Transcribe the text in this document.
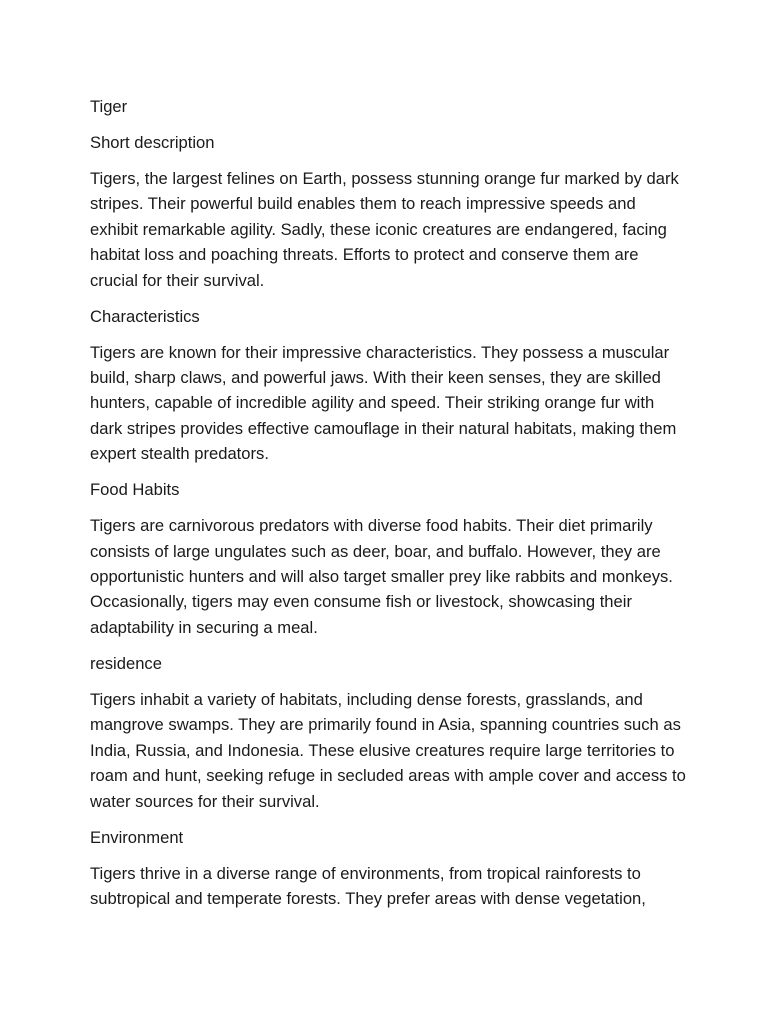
Tiger

Short description

Tigers, the largest felines on Earth, possess stunning orange fur marked by dark stripes. Their powerful build enables them to reach impressive speeds and exhibit remarkable agility. Sadly, these iconic creatures are endangered, facing habitat loss and poaching threats. Efforts to protect and conserve them are crucial for their survival.

Characteristics

Tigers are known for their impressive characteristics. They possess a muscular build, sharp claws, and powerful jaws. With their keen senses, they are skilled hunters, capable of incredible agility and speed. Their striking orange fur with dark stripes provides effective camouflage in their natural habitats, making them expert stealth predators.

Food Habits

Tigers are carnivorous predators with diverse food habits. Their diet primarily consists of large ungulates such as deer, boar, and buffalo. However, they are opportunistic hunters and will also target smaller prey like rabbits and monkeys. Occasionally, tigers may even consume fish or livestock, showcasing their adaptability in securing a meal.

residence

Tigers inhabit a variety of habitats, including dense forests, grasslands, and mangrove swamps. They are primarily found in Asia, spanning countries such as India, Russia, and Indonesia. These elusive creatures require large territories to roam and hunt, seeking refuge in secluded areas with ample cover and access to water sources for their survival.

Environment

Tigers thrive in a diverse range of environments, from tropical rainforests to subtropical and temperate forests. They prefer areas with dense vegetation,
